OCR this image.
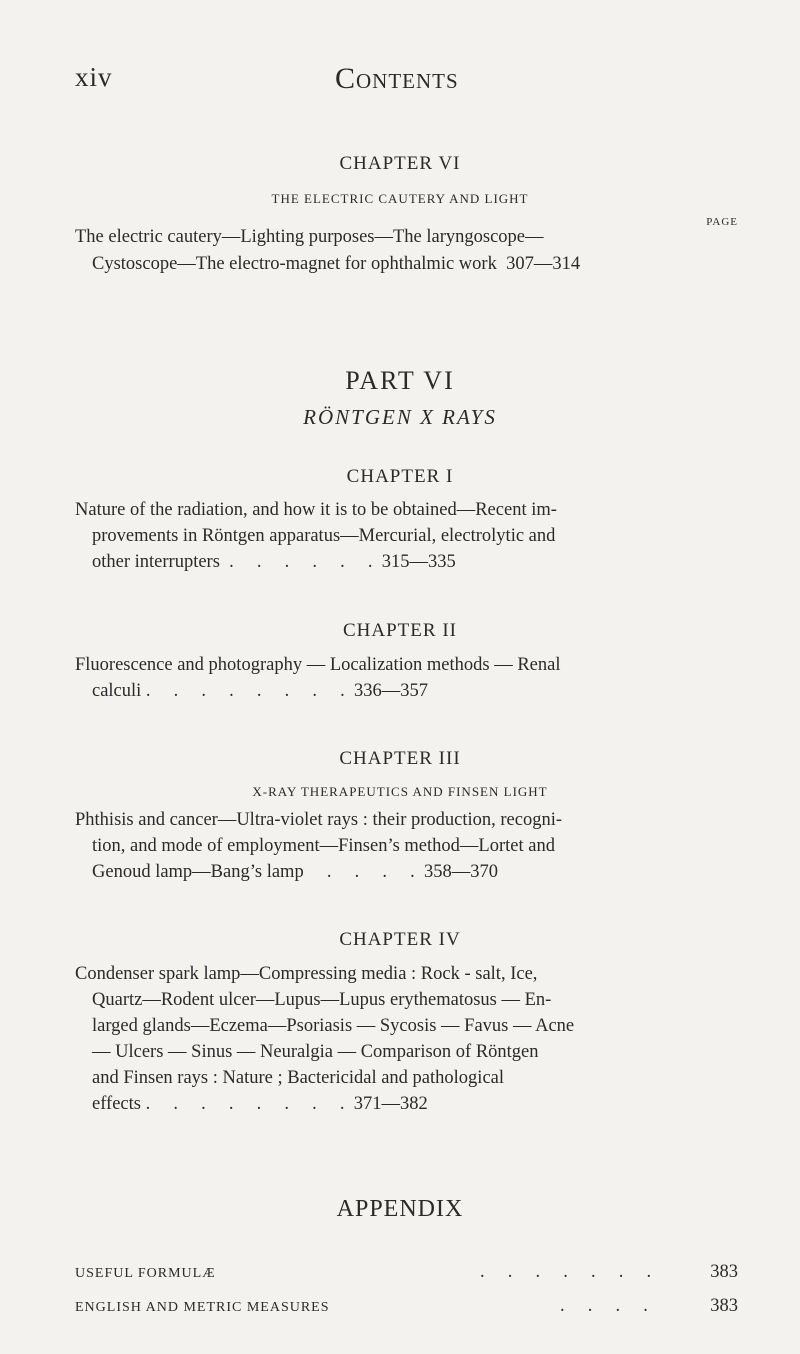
xiv	Contents
CHAPTER VI
THE ELECTRIC CAUTERY AND LIGHT
PAGE
The electric cautery—Lighting purposes—The laryngoscope—
Cystoscope—The electro-magnet for ophthalmic work  307—314
PART VI
RÖNTGEN X RAYS
CHAPTER I
Nature of the radiation, and how it is to be obtained—Recent im-
provements in Röntgen apparatus—Mercurial, electrolytic and
other interrupters  .     .     .     .     .     .  315—335
CHAPTER II
Fluorescence and photography — Localization methods — Renal
calculi .     .     .     .     .     .     .     .  336—357
CHAPTER III
X-RAY THERAPEUTICS AND FINSEN LIGHT
Phthisis and cancer—Ultra-violet rays : their production, recogni-
tion, and mode of employment—Finsen’s method—Lortet and
Genoud lamp—Bang’s lamp     .     .     .     .  358—370
CHAPTER IV
Condenser spark lamp—Compressing media : Rock - salt, Ice,
Quartz—Rodent ulcer—Lupus—Lupus erythematosus — En-
larged glands—Eczema—Psoriasis — Sycosis — Favus — Acne
— Ulcers — Sinus — Neuralgia — Comparison of Röntgen
and Finsen rays : Nature ; Bactericidal and pathological
effects .     .     .     .     .     .     .     .  371—382
APPENDIX
USEFUL FORMULÆ	.     .     .     .     .     .     .	383
ENGLISH AND METRIC MEASURES	.     .     .     .	383
